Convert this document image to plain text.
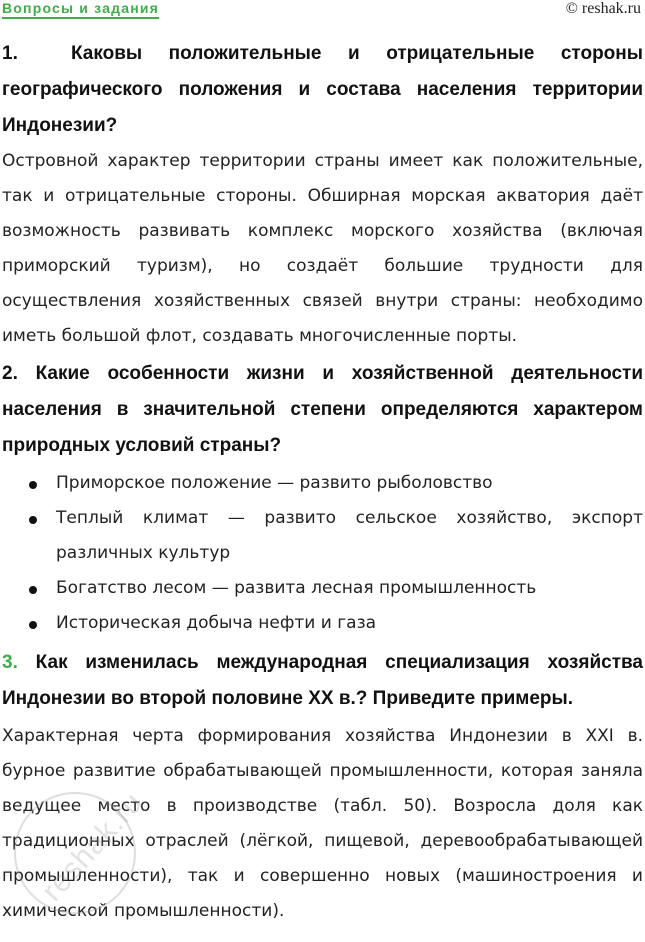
Вопросы и задания	© reshak.ru

1.	Каковы положительные и отрицательные стороны географического положения и состава населения территории Индонезии?

Островной характер территории страны имеет как положительные, так и отрицательные стороны. Обширная морская акватория даёт возможность развивать комплекс морского хозяйства (включая приморский туризм), но создаёт большие трудности для осуществления хозяйственных связей внутри страны: необходимо иметь большой флот, создавать многочисленные порты.

2. Какие особенности жизни и хозяйственной деятельности населения в значительной степени определяются характером природных условий страны?

Приморское положение — развито рыболовство
Теплый климат — развито сельское хозяйство, экспорт различных культур
Богатство лесом — развита лесная промышленность
Историческая добыча нефти и газа

3. Как изменилась международная специализация хозяйства Индонезии во второй половине XX в.? Приведите примеры.

Характерная черта формирования хозяйства Индонезии в XXI в. бурное развитие обрабатывающей промышленности, которая заняла ведущее место в производстве (табл. 50). Возросла доля как традиционных отраслей (лёгкой, пищевой, деревообрабатывающей промышленности), так и совершенно новых (машиностроения и химической промышленности).

reshak.ru
